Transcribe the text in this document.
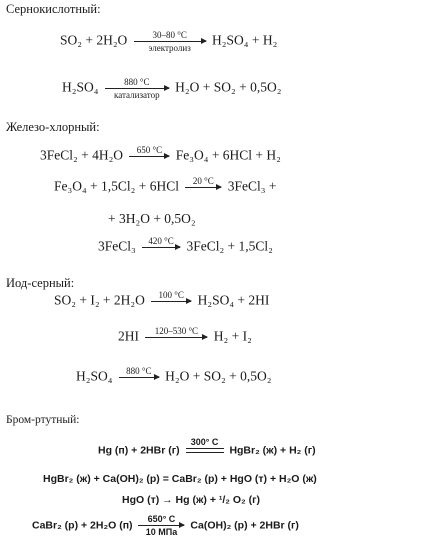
Сернокислотный:
SO₂ + 2H₂O	30–80 °C
электролиз
H₂SO₄ + H₂
H₂SO₄	880 °C
катализатор
H₂O + SO₂ + 0,5O₂
Железо-хлорный:
3FeCl₂ + 4H₂O	650 °C
	Fe₃O₄ + 6HCl + H₂
Fe₃O₄ + 1,5Cl₂ + 6HCl	20 °C
	3FeCl₃ +
+ 3H₂O + 0,5O₂
3FeCl₃	420 °C
3FeCl₂ + 1,5Cl₂
Иод-серный:
SO₂ + I₂ + 2H₂O	100 °C
	H₂SO₄ + 2HI
2HI	120–530 °C
	H₂ + I₂
H₂SO₄	880 °C
	H₂O + SO₂ + 0,5O₂
Бром-ртутный:
Hg (п) + 2HBr (г)
300° C

HgBr₂ (ж) + H₂ (г)
HgBr₂ (ж) + Ca(OH)₂ (р) = CaBr₂ (р) + HgO (т) + H₂O (ж)
HgO (т) → Hg (ж) + ¹/₂ O₂ (г)
CaBr₂ (р) + 2H₂O (п)
650° C
10 МПа
Ca(OH)₂ (р) + 2HBr (г)
